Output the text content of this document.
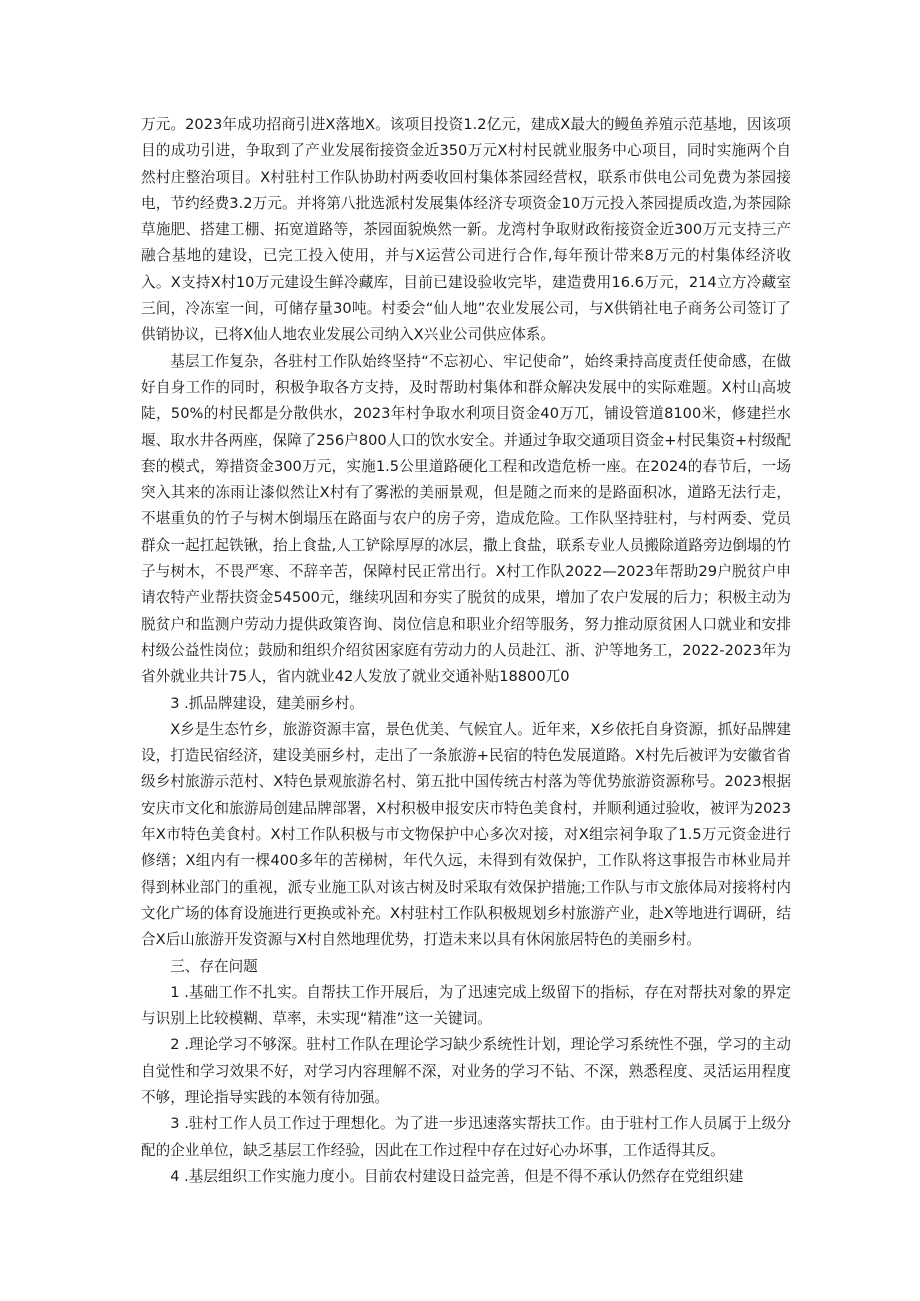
万元。2023年成功招商引进X落地X。该项目投资1.2亿元，建成X最大的鳗鱼养殖示范基地，因该项目的成功引进，争取到了产业发展衔接资金近350万元X村村民就业服务中心项目，同时实施两个自然村庄整治项目。X村驻村工作队协助村两委收回村集体茶园经营权，联系市供电公司免费为茶园接电，节约经费3.2万元。并将第八批选派村发展集体经济专项资金10万元投入茶园提质改造,为茶园除草施肥、搭建工棚、拓宽道路等，茶园面貌焕然一新。龙湾村争取财政衔接资金近300万元支持三产融合基地的建设，已完工投入使用，并与X运营公司进行合作,每年预计带来8万元的村集体经济收入。X支持X村10万元建设生鲜冷藏库，目前已建设验收完毕，建造费用16.6万元，214立方冷藏室三间，冷冻室一间，可储存量30吨。村委会“仙人地”农业发展公司，与X供销社电子商务公司签订了供销协议，已将X仙人地农业发展公司纳入X兴业公司供应体系。

基层工作复杂，各驻村工作队始终坚持“不忘初心、牢记使命”，始终秉持高度责任使命感，在做好自身工作的同时，积极争取各方支持，及时帮助村集体和群众解决发展中的实际难题。X村山高坡陡，50%的村民都是分散供水，2023年村争取水利项目资金40万兀，铺设管道8100米，修建拦水堰、取水井各两座，保障了256户800人口的饮水安全。并通过争取交通项目资金+村民集资+村级配套的模式，筹措资金300万元，实施1.5公里道路硬化工程和改造危桥一座。在2024的春节后，一场突入其来的冻雨让漆似然让X村有了雾淞的美丽景观，但是随之而来的是路面积冰，道路无法行走，不堪重负的竹子与树木倒塌压在路面与农户的房子旁，造成危险。工作队坚持驻村，与村两委、党员群众一起扛起铁锹，抬上食盐,人工铲除厚厚的冰层，撒上食盐，联系专业人员搬除道路旁边倒塌的竹子与树木，不畏严寒、不辞辛苦，保障村民正常出行。X村工作队2022—2023年帮助29户脱贫户申请农特产业帮扶资金54500元，继续巩固和夯实了脱贫的成果，增加了农户发展的后力；积极主动为脱贫户和监测户劳动力提供政策咨询、岗位信息和职业介绍等服务，努力推动原贫困人口就业和安排村级公益性岗位；鼓励和组织介绍贫困家庭有劳动力的人员赴江、浙、沪等地务工，2022-2023年为省外就业共计75人，省内就业42人发放了就业交通补贴18800兀0

3 .抓品牌建设，建美丽乡村。

X乡是生态竹乡，旅游资源丰富，景色优美、气候宜人。近年来，X乡依托自身资源，抓好品牌建设，打造民宿经济，建设美丽乡村，走出了一条旅游+民宿的特色发展道路。X村先后被评为安徽省省级乡村旅游示范村、X特色景观旅游名村、第五批中国传统古村落为等优势旅游资源称号。2023根据安庆市文化和旅游局创建品牌部署，X村积极申报安庆市特色美食村，并顺利通过验收，被评为2023年X市特色美食村。X村工作队积极与市文物保护中心多次对接，对X组宗祠争取了1.5万元资金进行修缮；X组内有一棵400多年的苦梯树，年代久远，未得到有效保护，工作队将这事报告市林业局并得到林业部门的重视，派专业施工队对该古树及时采取有效保护措施;工作队与市文旅体局对接将村内文化广场的体育设施进行更换或补充。X村驻村工作队积极规划乡村旅游产业，赴X等地进行调研，结合X后山旅游开发资源与X村自然地理优势，打造未来以具有休闲旅居特色的美丽乡村。

三、存在问题

1 .基础工作不扎实。自帮扶工作开展后，为了迅速完成上级留下的指标，存在对帮扶对象的界定与识别上比较模糊、草率，未实现“精准”这一关键词。

2 .理论学习不够深。驻村工作队在理论学习缺少系统性计划，理论学习系统性不强，学习的主动自觉性和学习效果不好，对学习内容理解不深，对业务的学习不钻、不深，熟悉程度、灵活运用程度不够，理论指导实践的本领有待加强。

3 .驻村工作人员工作过于理想化。为了进一步迅速落实帮扶工作。由于驻村工作人员属于上级分配的企业单位，缺乏基层工作经验，因此在工作过程中存在过好心办坏事，工作适得其反。

4 .基层组织工作实施力度小。目前农村建设日益完善，但是不得不承认仍然存在党组织建
